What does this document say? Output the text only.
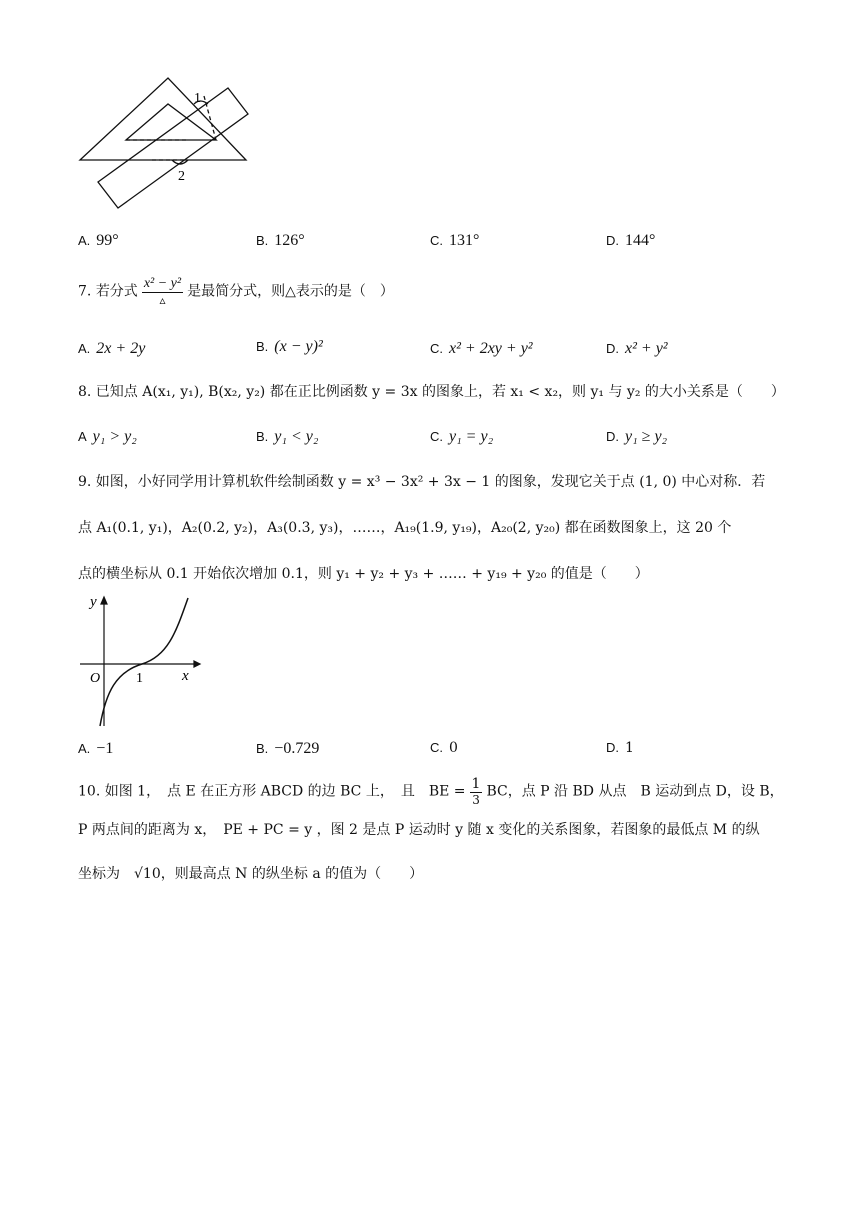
1
2
A. 99°	B. 126°	C. 131°	D. 144°
7. 若分式 $\frac{\text{x² − y²}}{▵}$ 是最简分式，则△表示的是（　）
A. 2x + 2y	B. (x − y)²	C. x² + 2xy + y²	D. x² + y²
8. 已知点 A(x₁, y₁), B(x₂, y₂) 都在正比例函数 y = 3x 的图象上，若 x₁ < x₂，则 y₁ 与 y₂ 的大小关系是（　　）
A y₁ > y₂	B. y₁ < y₂	C. y₁ = y₂	D. y₁ ≥ y₂
9. 如图，小好同学用计算机软件绘制函数 y = x³ − 3x² + 3x − 1 的图象，发现它关于点 (1, 0) 中心对称．若
点 A₁(0.1, y₁)，A₂(0.2, y₂)，A₃(0.3, y₃)，……，A₁₉(1.9, y₁₉)，A₂₀(2, y₂₀) 都在函数图象上，这 20 个
点的横坐标从 0.1 开始依次增加 0.1，则 y₁ + y₂ + y₃ + …… + y₁₉ + y₂₀ 的值是（　　）
y
x
O	1
A. −1	B. −0.729	C. 0	D. 1
10. 如图 1，　点 E 在正方形 ABCD 的边 BC 上，　且　BE = $\frac{1}{3}$ BC，点 P 沿 BD 从点　B 运动到点 D，设 B，
P 两点间的距离为 x，　PE + PC = y ，图 2 是点 P 运动时 y 随 x 变化的关系图象，若图象的最低点 M 的纵
坐标为　√10，则最高点 N 的纵坐标 a 的值为（　　）
